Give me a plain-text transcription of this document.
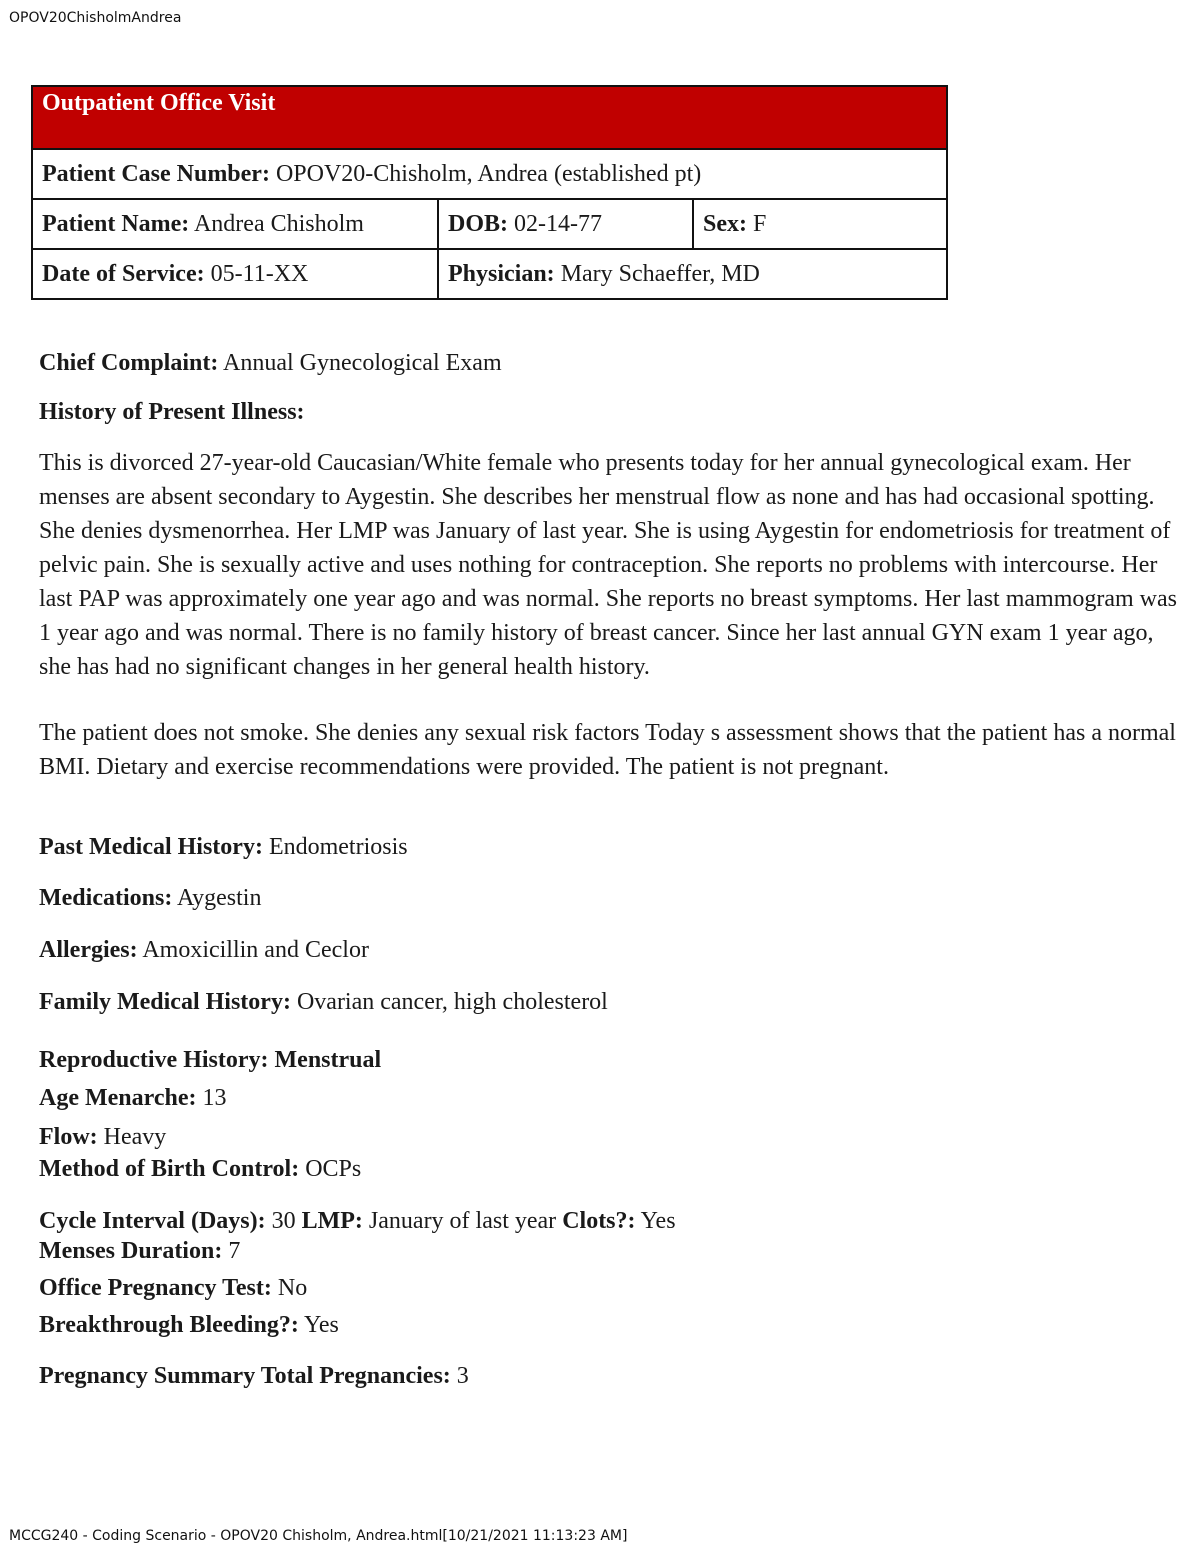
OPOV20ChisholmAndrea
Outpatient Office Visit		
Patient Case Number: OPOV20-Chisholm, Andrea (established pt)		
Patient Name: Andrea Chisholm	DOB: 02-14-77	Sex: F
Date of Service: 05-11-XX	Physician: Mary Schaeffer, MD	

Chief Complaint: Annual Gynecological Exam

History of Present Illness:

This is divorced 27-year-old Caucasian/White female who presents today for her annual gynecological exam. Her menses are absent secondary to Aygestin. She describes her menstrual flow as none and has had occasional spotting. She denies dysmenorrhea. Her LMP was January of last year. She is using Aygestin for endometriosis for treatment of pelvic pain. She is sexually active and uses nothing for contraception. She reports no problems with intercourse. Her last PAP was approximately one year ago and was normal. She reports no breast symptoms. Her last mammogram was 1 year ago and was normal. There is no family history of breast cancer. Since her last annual GYN exam 1 year ago, she has had no significant changes in her general health history.

The patient does not smoke. She denies any sexual risk factors Today s assessment shows that the patient has a normal BMI. Dietary and exercise recommendations were provided. The patient is not pregnant.

Past Medical History: Endometriosis

Medications: Aygestin

Allergies: Amoxicillin and Ceclor

Family Medical History: Ovarian cancer, high cholesterol

Reproductive History: Menstrual

Age Menarche: 13

Flow: Heavy

Method of Birth Control: OCPs

Cycle Interval (Days): 30 LMP: January of last year Clots?: Yes

Menses Duration: 7

Office Pregnancy Test: No

Breakthrough Bleeding?: Yes

Pregnancy Summary Total Pregnancies: 3

MCCG240 - Coding Scenario - OPOV20 Chisholm, Andrea.html[10/21/2021 11:13:23 AM]
